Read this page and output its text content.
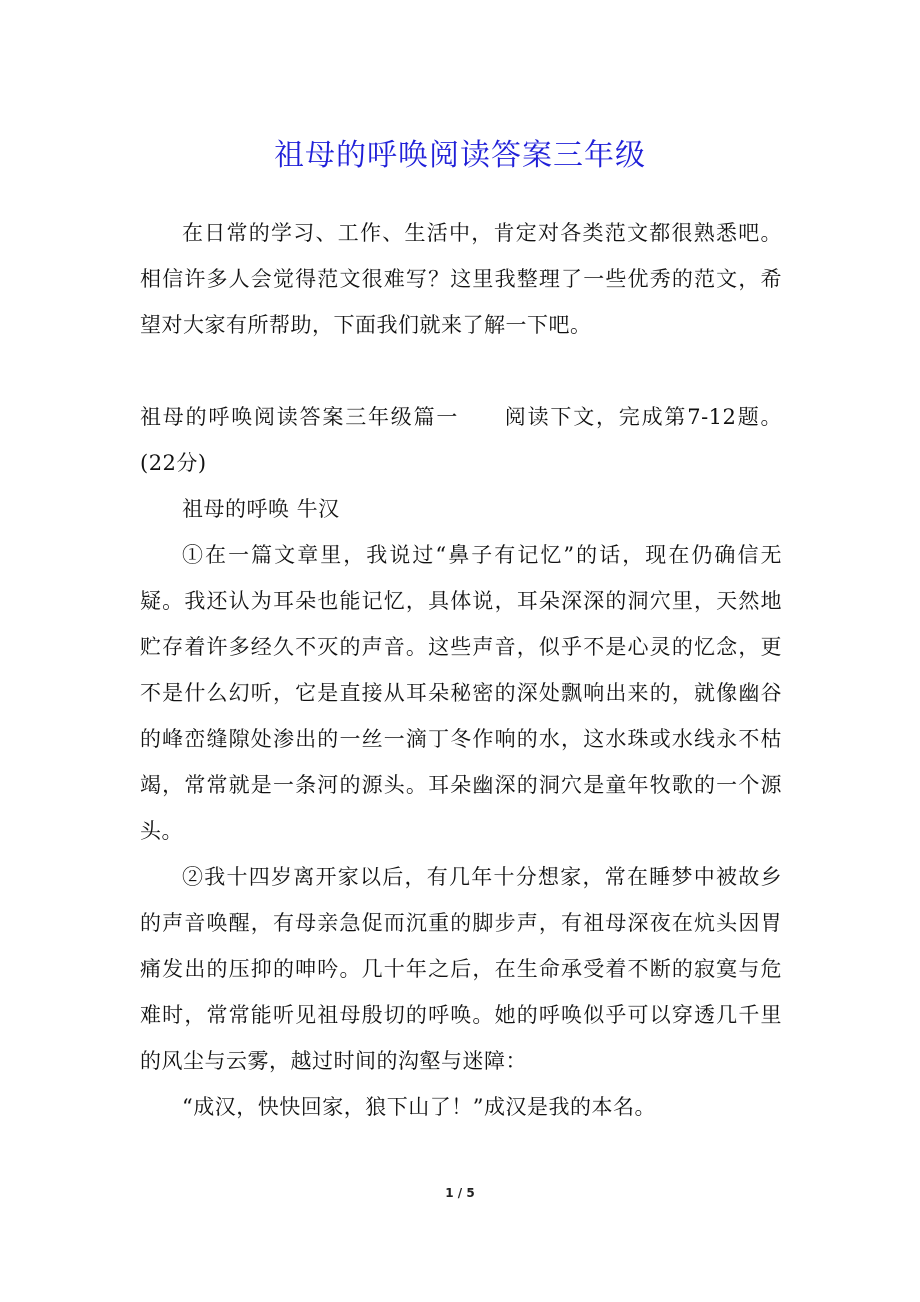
祖母的呼唤阅读答案三年级

在日常的学习、工作、生活中，肯定对各类范文都很熟悉吧。相信许多人会觉得范文很难写？这里我整理了一些优秀的范文，希望对大家有所帮助，下面我们就来了解一下吧。

祖母的呼唤阅读答案三年级篇一　　阅读下文，完成第7-12题。(22分)

祖母的呼唤 牛汉

①在一篇文章里，我说过“鼻子有记忆”的话，现在仍确信无疑。我还认为耳朵也能记忆，具体说，耳朵深深的洞穴里，天然地贮存着许多经久不灭的声音。这些声音，似乎不是心灵的忆念，更不是什么幻听，它是直接从耳朵秘密的深处飘响出来的，就像幽谷的峰峦缝隙处渗出的一丝一滴丁冬作响的水，这水珠或水线永不枯竭，常常就是一条河的源头。耳朵幽深的洞穴是童年牧歌的一个源头。

②我十四岁离开家以后，有几年十分想家，常在睡梦中被故乡的声音唤醒，有母亲急促而沉重的脚步声，有祖母深夜在炕头因胃痛发出的压抑的呻吟。几十年之后，在生命承受着不断的寂寞与危难时，常常能听见祖母殷切的呼唤。她的呼唤似乎可以穿透几千里的风尘与云雾，越过时间的沟壑与迷障：

“成汉，快快回家，狼下山了！”成汉是我的本名。

1 / 5
